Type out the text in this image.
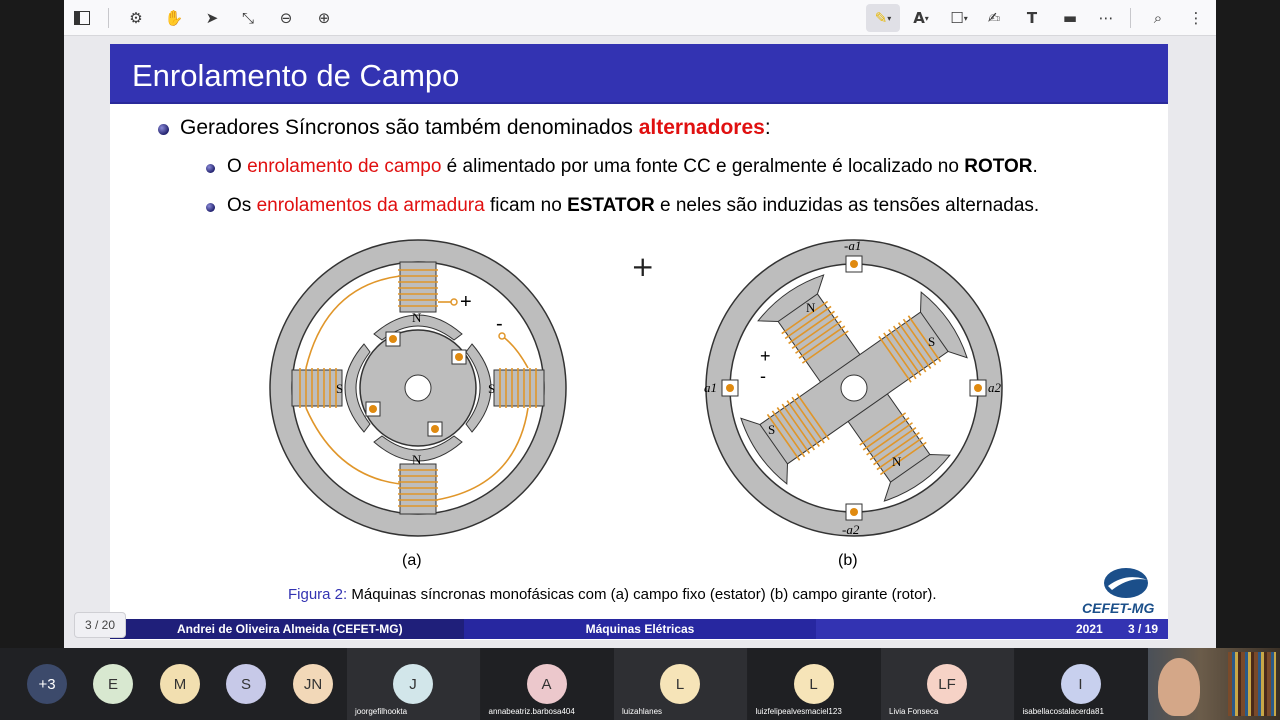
⚙	✋	➤	⤡	⊖	⊕	✎ ▾ A ▾	☐ ▾	✍	T	▬	⋯	⌕	⋮
Enrolamento de Campo
Geradores Síncronos são também denominados alternadores:
O enrolamento de campo é alimentado por uma fonte CC e geralmente é localizado no ROTOR.
Os enrolamentos da armadura ficam no ESTATOR e neles são induzidas as tensões alternadas.
N
S	S
N
+
-
N
S
S
N
-a1
a1	a2
-a2
+
-
(a)	(b)
Figura 2: Máquinas síncronas monofásicas com (a) campo fixo (estator) (b) campo girante (rotor).
CEFET-MG
Andrei de Oliveira Almeida (CEFET-MG)	Máquinas Elétricas	2021 3 / 19
+
3 / 20
+3	E	M	S	JN	J
joorgefilhookta
A
annabeatriz.barbosa404
L
luizahlanes
L
luizfelipealvesmaciel123
LF
Livia Fonseca
I
isabellacostalacerda81
